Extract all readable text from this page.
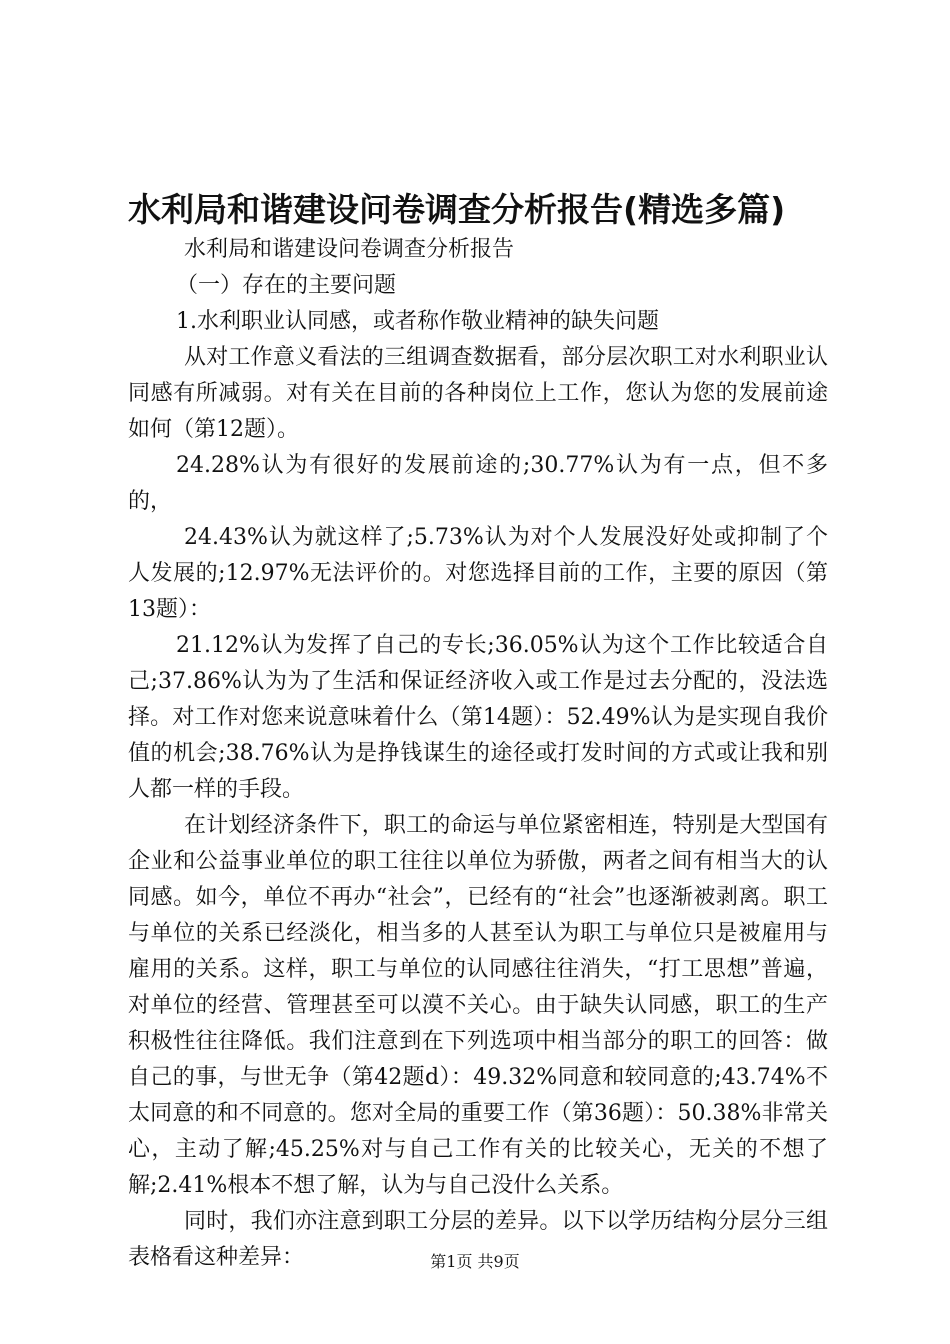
水利局和谐建设问卷调查分析报告(精选多篇)

水利局和谐建设问卷调查分析报告

（一）存在的主要问题

1.水利职业认同感，或者称作敬业精神的缺失问题

从对工作意义看法的三组调查数据看，部分层次职工对水利职业认同感有所减弱。对有关在目前的各种岗位上工作，您认为您的发展前途如何（第12题）。

24.28%认为有很好的发展前途的;30.77%认为有一点，但不多的，

24.43%认为就这样了;5.73%认为对个人发展没好处或抑制了个人发展的;12.97%无法评价的。对您选择目前的工作，主要的原因（第13题）：

21.12%认为发挥了自己的专长;36.05%认为这个工作比较适合自己;37.86%认为为了生活和保证经济收入或工作是过去分配的，没法选择。对工作对您来说意味着什么（第14题）：52.49%认为是实现自我价值的机会;38.76%认为是挣钱谋生的途径或打发时间的方式或让我和别人都一样的手段。

在计划经济条件下，职工的命运与单位紧密相连，特别是大型国有企业和公益事业单位的职工往往以单位为骄傲，两者之间有相当大的认同感。如今，单位不再办“社会”，已经有的“社会”也逐渐被剥离。职工与单位的关系已经淡化，相当多的人甚至认为职工与单位只是被雇用与雇用的关系。这样，职工与单位的认同感往往消失，“打工思想”普遍，对单位的经营、管理甚至可以漠不关心。由于缺失认同感，职工的生产积极性往往降低。我们注意到在下列选项中相当部分的职工的回答：做自己的事，与世无争（第42题d）：49.32%同意和较同意的;43.74%不太同意的和不同意的。您对全局的重要工作（第36题）：50.38%非常关心，主动了解;45.25%对与自己工作有关的比较关心，无关的不想了解;2.41%根本不想了解，认为与自己没什么关系。

同时，我们亦注意到职工分层的差异。以下以学历结构分层分三组表格看这种差异：	第1页 共9页
